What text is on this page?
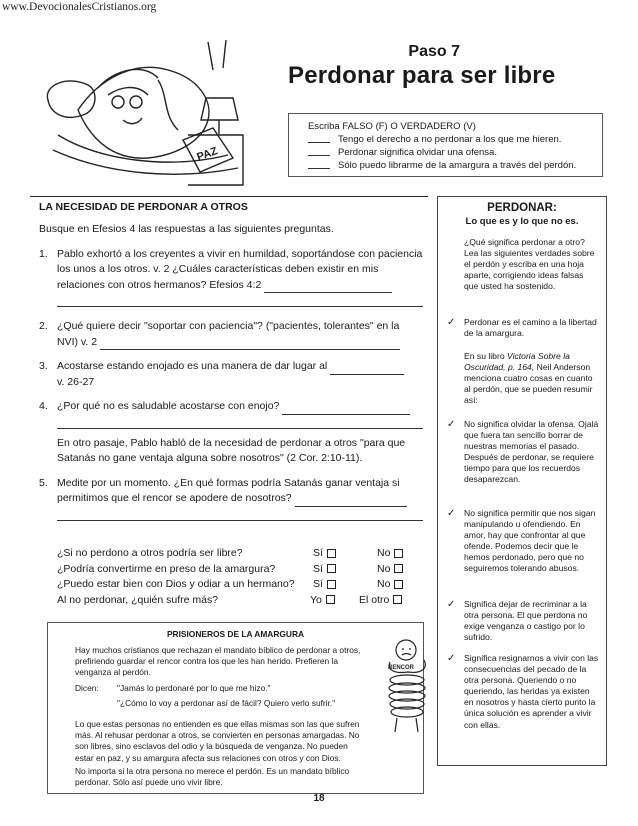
www.DevocionalesCristianos.org
PAZ
Paso 7
Perdonar para ser libre
Escriba FALSO (F) O VERDADERO (V)
Tengo el derecho a no perdonar a los que me hieren.
Perdonar significa olvidar una ofensa.
Sólo puedo librarme de la amargura a través del perdón.
LA NECESIDAD DE PERDONAR A OTROS

Busque en Efesios 4 las respuestas a las siguientes preguntas.

1. Pablo exhortó a los creyentes a vivir en humildad, soportándose con paciencia los unos a los otros. v. 2 ¿Cuáles características deben existir en mis relaciones con otros hermanos? Efesios 4:2
2. ¿Qué quiere decir "soportar con paciencia"? ("pacientes, tolerantes" en la NVI) v. 2
3. Acostarse estando enojado es una manera de dar lugar al
v. 26-27
4. ¿Por qué no es saludable acostarse con enojo?
En otro pasaje, Pablo habló de la necesidad de perdonar a otros "para que Satanás no gane ventaja alguna sobre nosotros" (2 Cor. 2:10-11).
5. Medite por un momento. ¿En qué formas podría Satanás ganar ventaja si permitimos que el rencor se apodere de nosotros?
¿Si no perdono a otros podría ser libre?	Sí	No
¿Podría convertirme en preso de la amargura?	Sí	No
¿Puedo estar bien con Dios y odiar a un hermano? Sí	No
Al no perdonar, ¿quién sufre más?	Yo	El otro
PRISIONEROS DE LA AMARGURA
Hay muchos cristianos que rechazan el mandato bíblico de perdonar a otros, prefiriendo guardar el rencor contra los que les han herido. Prefieren la venganza al perdón.
Dicen:	"Jamás lo perdonaré por lo que me hizo."
"¿Cómo lo voy a perdonar así de fácil? Quiero verlo sufrir."
Lo que estas personas no entienden es que ellas mismas son las que sufren más. Al rehusar perdonar a otros, se convierten en personas amargadas. No son libres, sino esclavos del odio y la búsqueda de venganza. No pueden estar en paz, y su amargura afecta sus relaciones con otros y con Dios.
No importa si la otra persona no merece el perdón. Es un mandato bíblico perdonar. Sólo así puede uno vivir libre.
RENCOR
PERDONAR:
Lo que es y lo que no es.
¿Qué significa perdonar a otro? Lea las siguientes verdades sobre el perdón y escriba en una hoja aparte, corrigiendo ideas falsas que usted ha sostenido.
✓ Perdonar es el camino a la libertad de la amargura.
En su libro Victoria Sobre la Oscuridad, p. 164, Neil Anderson menciona cuatro cosas en cuanto al perdón, que se pueden resumir así:
✓ No significa olvidar la ofensa. Ojalá que fuera tan sencillo borrar de nuestras memorias el pasado. Después de perdonar, se requiere tiempo para que los recuerdos desaparezcan.
✓ No significa permitir que nos sigan manipulando u ofendiendo. En amor, hay que confrontar al que ofende. Podemos decir que le hemos perdonado, pero que no seguiremos tolerando abusos.
✓ Significa dejar de recriminar a la otra persona. El que perdona no exige venganza o castigo por lo sufrido.
✓ Significa resignarnos a vivir con las consecuencias del pecado de la otra persona. Queriendo o no queriendo, las heridas ya existen en nosotros y hasta cierto punto la única solución es aprender a vivir con ellas.
18
